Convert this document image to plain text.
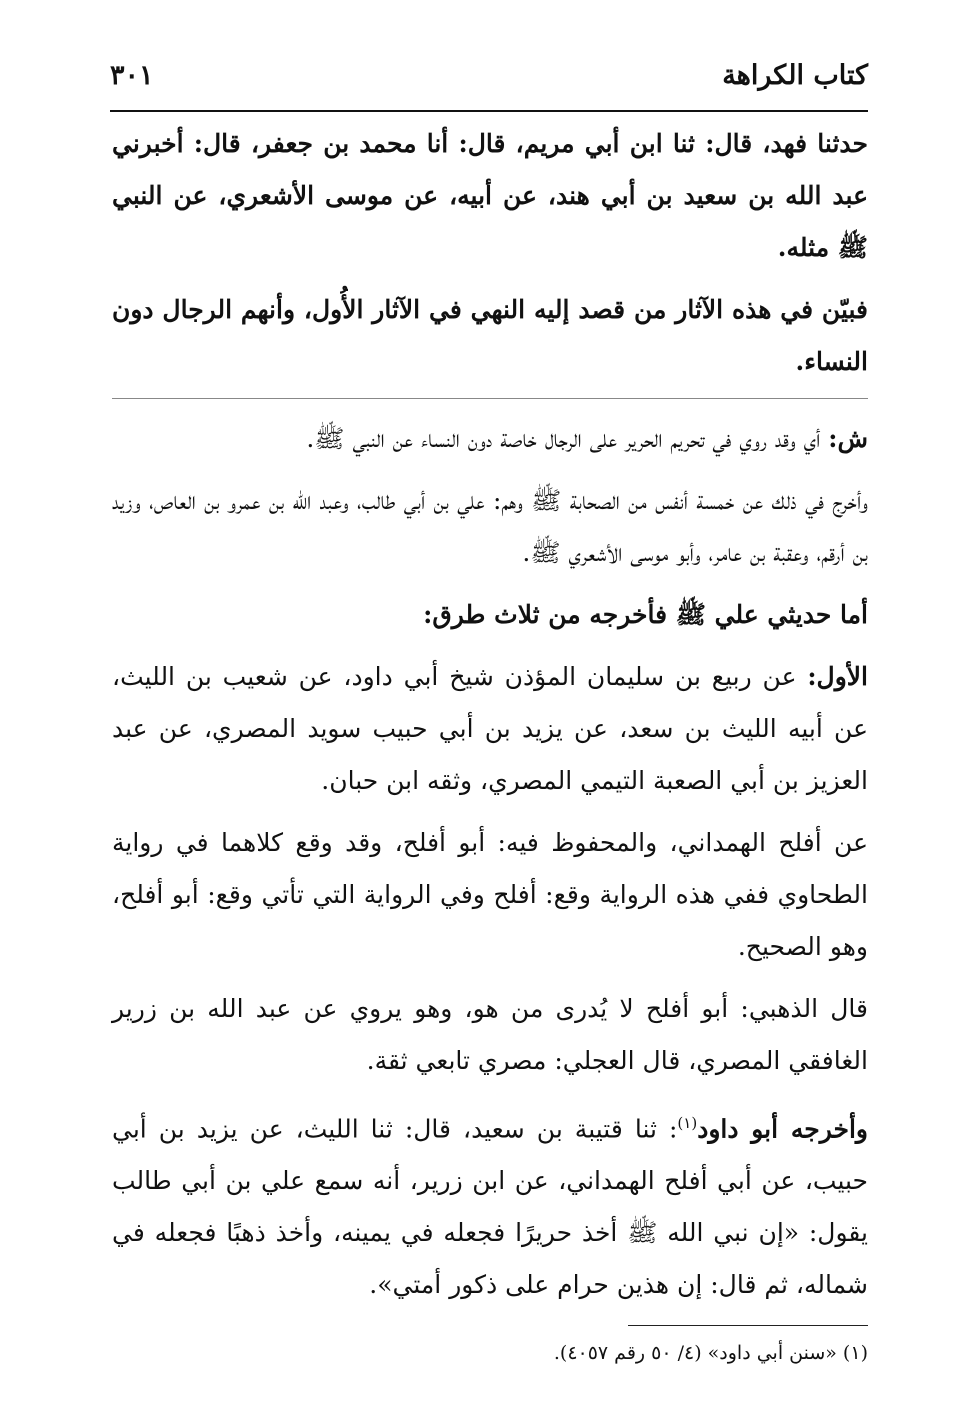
كتاب الكراهة
٣٠١

حدثنا فهد، قال: ثنا ابن أبي مريم، قال: أنا محمد بن جعفر، قال: أخبرني عبد الله بن سعيد بن أبي هند، عن أبيه، عن موسى الأشعري، عن النبي ﷺ مثله.

فبيّن في هذه الآثار من قصد إليه النهي في الآثار الأُول، وأنهم الرجال دون النساء.

ش: أي وقد روي في تحريم الحرير على الرجال خاصة دون النساء عن النبي ﷺ.

وأخرج في ذلك عن خمسة أنفس من الصحابة ﷺ وهم: علي بن أبي طالب، وعبد الله بن عمرو بن العاص، وزيد بن أرقم، وعقبة بن عامر، وأبو موسى الأشعري ﷺ.

أما حديثي علي ﷺ فأخرجه من ثلاث طرق:

الأول: عن ربيع بن سليمان المؤذن شيخ أبي داود، عن شعيب بن الليث، عن أبيه الليث بن سعد، عن يزيد بن أبي حبيب سويد المصري، عن عبد العزيز بن أبي الصعبة التيمي المصري، وثقه ابن حبان.

عن أفلح الهمداني، والمحفوظ فيه: أبو أفلح، وقد وقع كلاهما في رواية الطحاوي ففي هذه الرواية وقع: أفلح وفي الرواية التي تأتي وقع: أبو أفلح، وهو الصحيح.

قال الذهبي: أبو أفلح لا يُدرى من هو، وهو يروي عن عبد الله بن زرير الغافقي المصري، قال العجلي: مصري تابعي ثقة.

وأخرجه أبو داود$^{(١)}$: ثنا قتيبة بن سعيد، قال: ثنا الليث، عن يزيد بن أبي حبيب، عن أبي أفلح الهمداني، عن ابن زرير، أنه سمع علي بن أبي طالب يقول: «إن نبي الله ﷺ أخذ حريرًا فجعله في يمينه، وأخذ ذهبًا فجعله في شماله، ثم قال: إن هذين حرام على ذكور أمتي».

(١) «سنن أبي داود» (٤/ ٥٠ رقم ٤٠٥٧).
